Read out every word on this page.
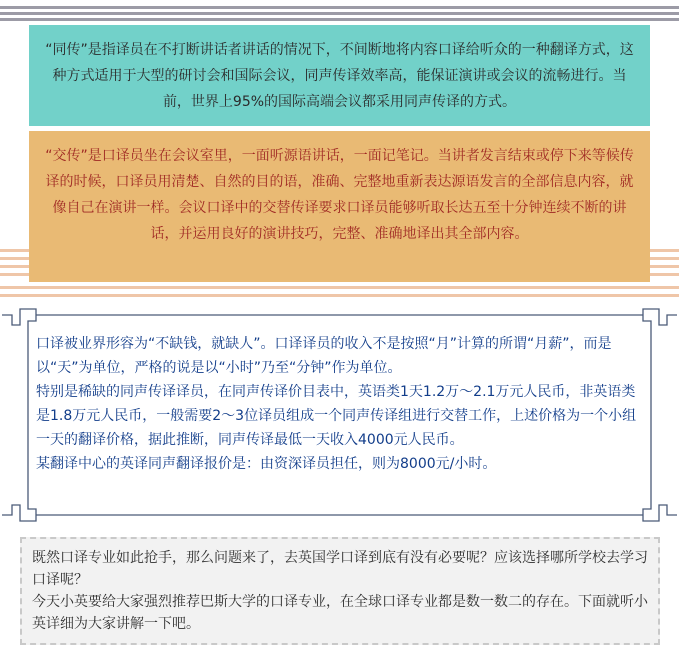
“同传”是指译员在不打断讲话者讲话的情况下，不间断地将内容口译给听众的一种翻译方式，这种方式适用于大型的研讨会和国际会议，同声传译效率高，能保证演讲或会议的流畅进行。当前，世界上95%的国际高端会议都采用同声传译的方式。

“交传”是口译员坐在会议室里，一面听源语讲话，一面记笔记。当讲者发言结束或停下来等候传译的时候，口译员用清楚、自然的目的语，准确、完整地重新表达源语发言的全部信息内容，就像自己在演讲一样。会议口译中的交替传译要求口译员能够听取长达五至十分钟连续不断的讲话，并运用良好的演讲技巧，完整、准确地译出其全部内容。

口译被业界形容为“不缺钱，就缺人”。口译译员的收入不是按照“月”计算的所谓“月薪”，而是以“天”为单位，严格的说是以“小时”乃至“分钟”作为单位。

特别是稀缺的同声传译译员，在同声传译价目表中，英语类1天1.2万～2.1万元人民币，非英语类是1.8万元人民币，一般需要2～3位译员组成一个同声传译组进行交替工作，上述价格为一个小组一天的翻译价格，据此推断，同声传译最低一天收入4000元人民币。

某翻译中心的英译同声翻译报价是：由资深译员担任，则为8000元/小时。

既然口译专业如此抢手，那么问题来了，去英国学口译到底有没有必要呢？应该选择哪所学校去学习口译呢？

今天小英要给大家强烈推荐巴斯大学的口译专业，在全球口译专业都是数一数二的存在。下面就听小英详细为大家讲解一下吧。
